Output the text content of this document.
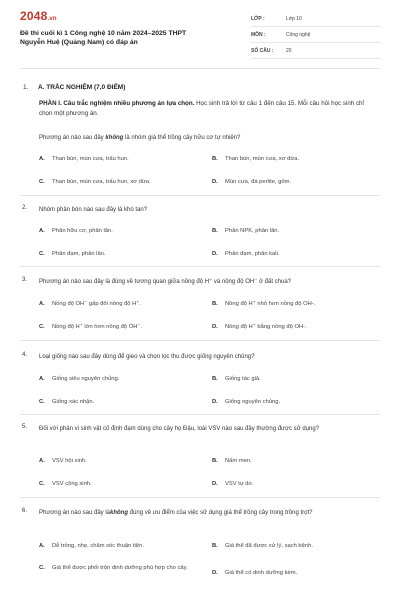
2048.vn
Đề thi cuối kì 1 Công nghệ 10 năm 2024–2025 THPT
Nguyễn Huệ (Quảng Nam) có đáp án
LỚP :	Lớp 10
MÔN :	Công nghệ
SỐ CÂU :	20
1. A. TRẮC NGHIỆM (7,0 ĐIỂM)
PHẦN I. Câu trắc nghiệm nhiều phương án lựa chọn. Học sinh trả lời từ câu 1 đến câu 15. Mỗi câu hỏi học sinh chỉ chọn một phương án.
Phương án nào sau đây không là nhóm giá thể trồng cây hữu cơ tự nhiên?
A. Than bùn, mùn cưa, trấu hun.	B. Than bùn, mùn cưa, xơ dừa.
C. Than bùn, mùn cưa, trấu hun, xơ dừa.	D. Mùn cưa, đá perlite, gốm.
2. Nhóm phân bón nào sau đây là khó tan?
A. Phân hữu cơ, phân lân.	B. Phân NPK, phân lân.
C. Phân đạm, phân lân.	D. Phân đạm, phân kali.
3. Phương án nào sau đây là đúng về tương quan giữa nồng độ H⁺ và nồng độ OH⁻ ở đất chua?
A. Nồng độ OH⁻ gấp đôi nồng độ H⁺.	B. Nồng độ H⁺ nhỏ hơn nồng độ OH-.
C. Nồng độ H⁺ lớn hơn nồng độ OH⁻.	D. Nồng độ H⁺ bằng nồng độ OH-.
4. Loại giống nào sau đây dùng để gieo và chọn lọc thu được giống nguyên chủng?
A. Giống siêu nguyên chủng.	B. Giống tác giả.
C. Giống xác nhận.	D. Giống nguyên chủng.
5. Đối với phân vi sinh vật cố định đạm dùng cho cây họ Đậu, loài VSV nào sau đây thường được sử dụng?
A. VSV hội sinh.	B. Nấm men.
C. VSV cộng sinh.	D. VSV tự do.
6. Phương án nào sau đây làkhông đúng về ưu điểm của việc sử dụng giá thể trồng cây trong trồng trọt?
A. Dễ trồng, nhẹ, chăm sóc thuận tiện.	B. Giá thể đã được xử lý, sạch bệnh.
C. Giá thể được phối trộn dinh dưỡng phù hợp cho cây.
D. Giá thể có dinh dưỡng kém.
